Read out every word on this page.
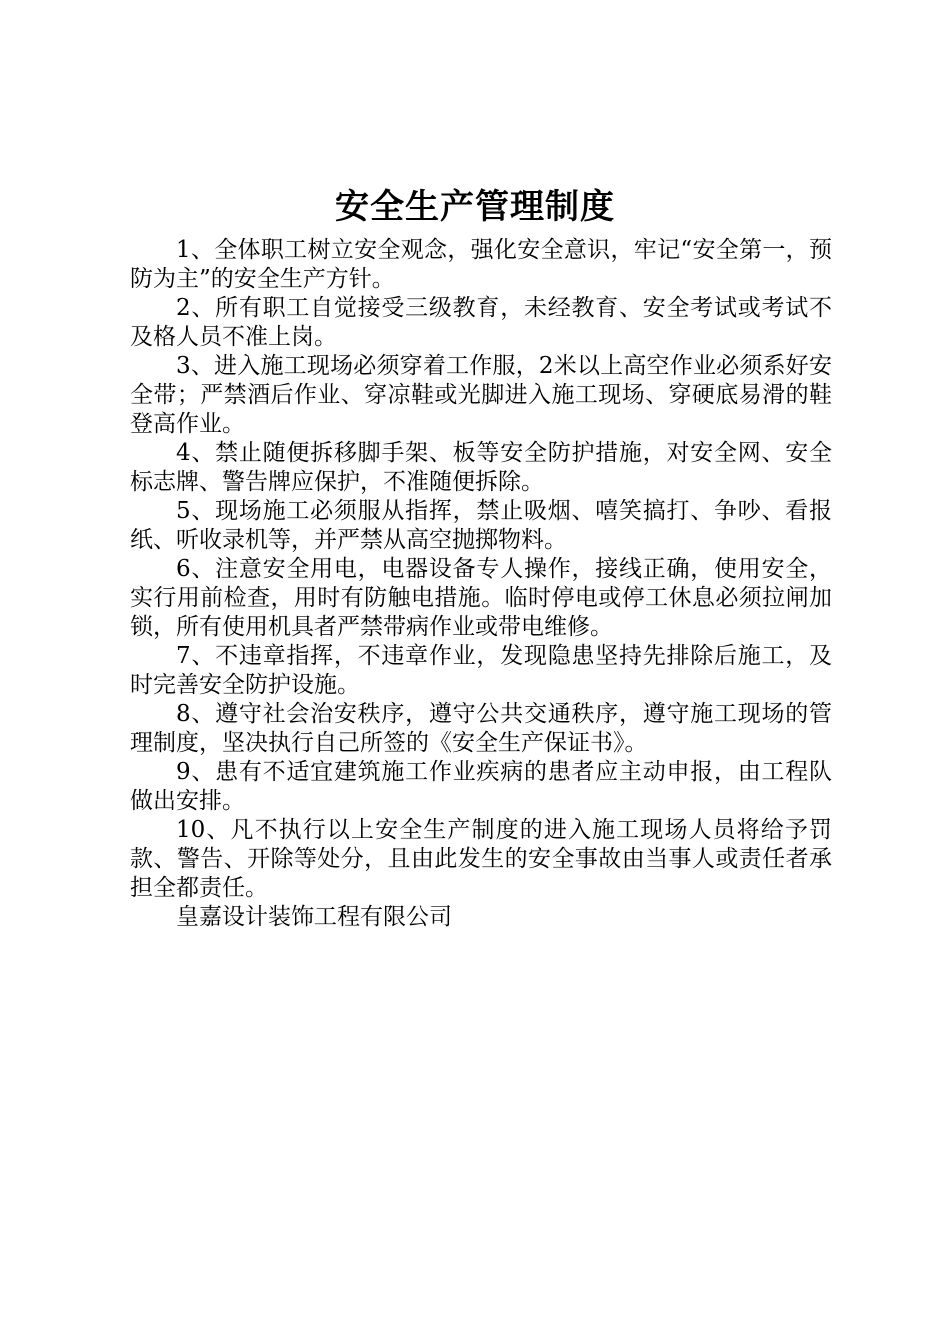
安全生产管理制度

1、全体职工树立安全观念，强化安全意识，牢记“安全第一，预防为主”的安全生产方针。

2、所有职工自觉接受三级教育，未经教育、安全考试或考试不及格人员不准上岗。

3、进入施工现场必须穿着工作服，2米以上高空作业必须系好安全带；严禁酒后作业、穿凉鞋或光脚进入施工现场、穿硬底易滑的鞋登高作业。

4、禁止随便拆移脚手架、板等安全防护措施，对安全网、安全标志牌、警告牌应保护，不准随便拆除。

5、现场施工必须服从指挥，禁止吸烟、嘻笑搞打、争吵、看报纸、听收录机等，并严禁从高空抛掷物料。

6、注意安全用电，电器设备专人操作，接线正确，使用安全，实行用前检查，用时有防触电措施。临时停电或停工休息必须拉闸加锁，所有使用机具者严禁带病作业或带电维修。

7、不违章指挥，不违章作业，发现隐患坚持先排除后施工，及时完善安全防护设施。

8、遵守社会治安秩序，遵守公共交通秩序，遵守施工现场的管理制度，坚决执行自己所签的《安全生产保证书》。

9、患有不适宜建筑施工作业疾病的患者应主动申报，由工程队做出安排。

10、凡不执行以上安全生产制度的进入施工现场人员将给予罚款、警告、开除等处分，且由此发生的安全事故由当事人或责任者承担全都责任。

皇嘉设计装饰工程有限公司
